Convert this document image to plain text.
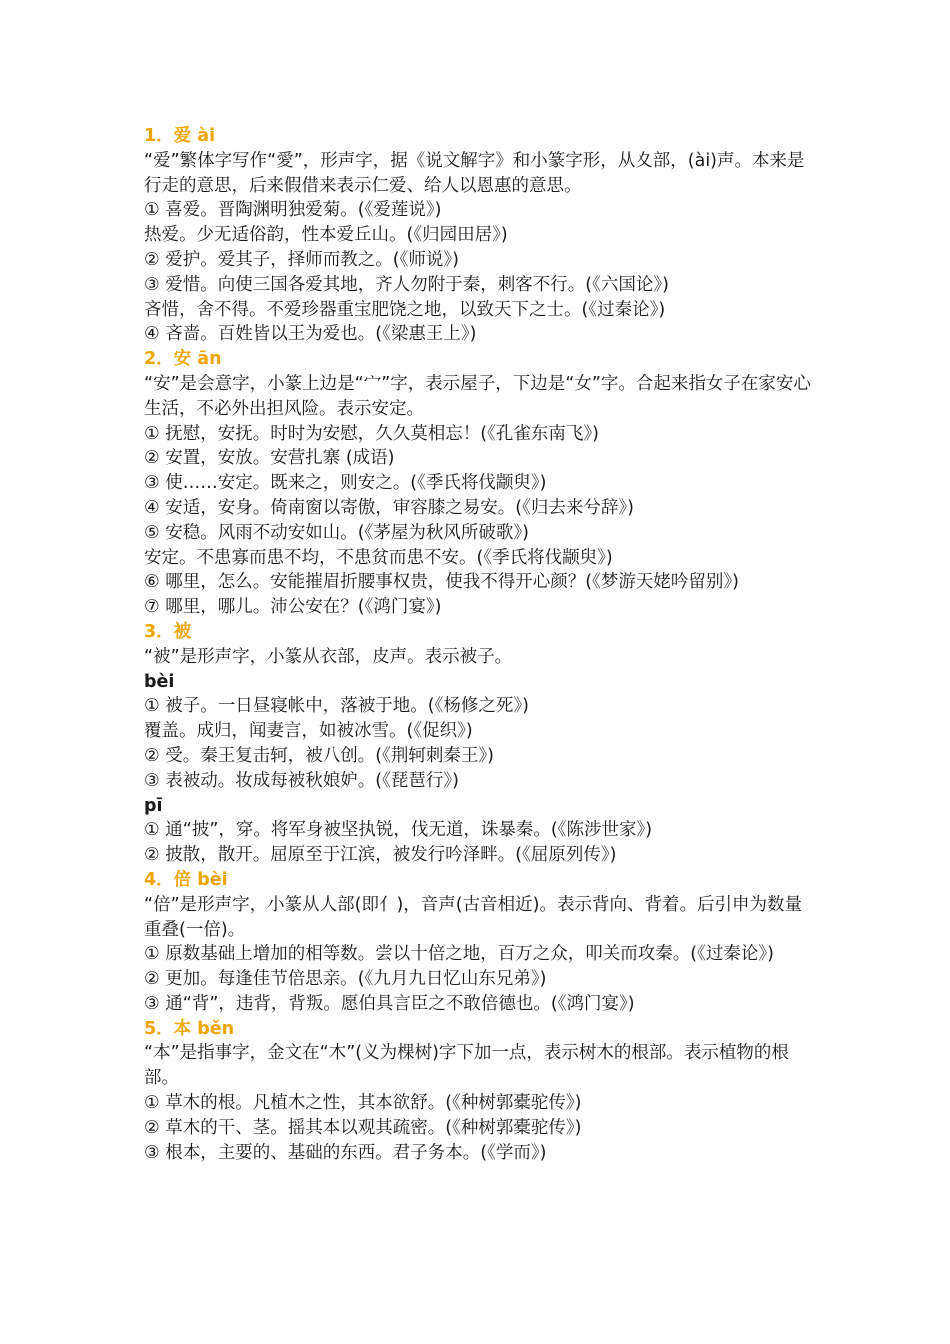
1．爱 ài

“爱”繁体字写作“愛”，形声字，据《说文解字》和小篆字形，从夊部，(ài)声。本来是行走的意思，后来假借来表示仁爱、给人以恩惠的意思。

① 喜爱。晋陶渊明独爱菊。(《爱莲说》)

热爱。少无适俗韵，性本爱丘山。(《归园田居》)

② 爱护。爱其子，择师而教之。(《师说》)

③ 爱惜。向使三国各爱其地，齐人勿附于秦，刺客不行。(《六国论》)

吝惜，舍不得。不爱珍器重宝肥饶之地，以致天下之士。(《过秦论》)

④ 吝啬。百姓皆以王为爱也。(《梁惠王上》)

2．安 ān

“安”是会意字，小篆上边是“宀”字，表示屋子，下边是“女”字。合起来指女子在家安心生活，不必外出担风险。表示安定。

① 抚慰，安抚。时时为安慰，久久莫相忘！(《孔雀东南飞》)

② 安置，安放。安营扎寨 (成语)

③ 使……安定。既来之，则安之。(《季氏将伐颛臾》)

④ 安适，安身。倚南窗以寄傲，审容膝之易安。(《归去来兮辞》)

⑤ 安稳。风雨不动安如山。(《茅屋为秋风所破歌》)

安定。不患寡而患不均，不患贫而患不安。(《季氏将伐颛臾》)

⑥ 哪里，怎么。安能摧眉折腰事权贵，使我不得开心颜？(《梦游天姥吟留别》)

⑦ 哪里，哪儿。沛公安在？(《鸿门宴》)

3．被

“被”是形声字，小篆从衣部，皮声。表示被子。

bèi

① 被子。一日昼寝帐中，落被于地。(《杨修之死》)

覆盖。成归，闻妻言，如被冰雪。(《促织》)

② 受。秦王复击轲，被八创。(《荆轲刺秦王》)

③ 表被动。妆成每被秋娘妒。(《琵琶行》)

pī

① 通“披”，穿。将军身被坚执锐，伐无道，诛暴秦。(《陈涉世家》)

② 披散，散开。屈原至于江滨，被发行吟泽畔。(《屈原列传》)

4．倍 bèi

“倍”是形声字，小篆从人部(即亻)，音声(古音相近)。表示背向、背着。后引申为数量重叠(一倍)。

① 原数基础上增加的相等数。尝以十倍之地，百万之众，叩关而攻秦。(《过秦论》)

② 更加。每逢佳节倍思亲。(《九月九日忆山东兄弟》)

③ 通“背”，违背，背叛。愿伯具言臣之不敢倍德也。(《鸿门宴》)

5．本 běn

“本”是指事字，金文在“木”(义为棵树)字下加一点，表示树木的根部。表示植物的根部。

① 草木的根。凡植木之性，其本欲舒。(《种树郭橐驼传》)

② 草木的干、茎。摇其本以观其疏密。(《种树郭橐驼传》)

③ 根本，主要的、基础的东西。君子务本。(《学而》)
